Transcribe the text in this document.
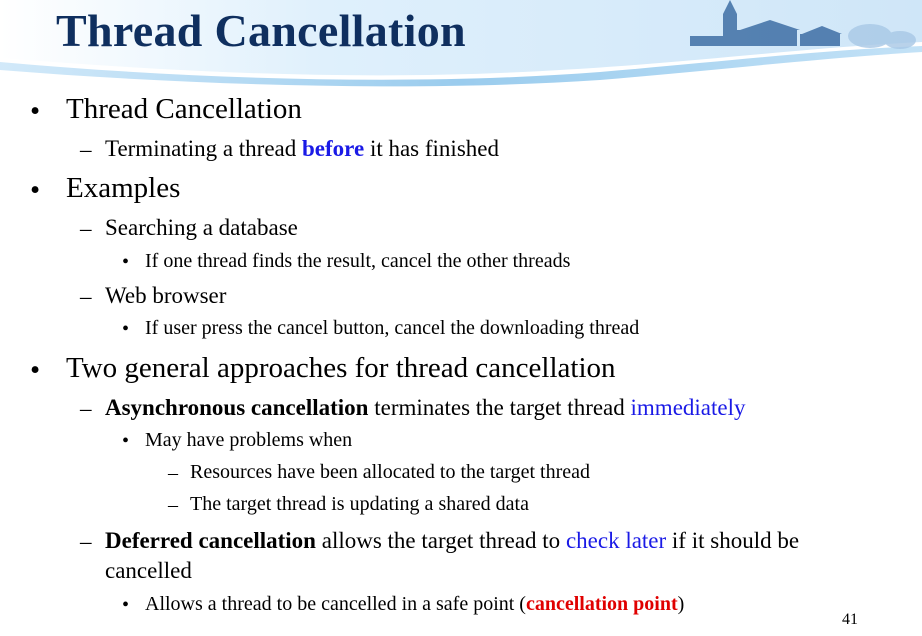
Thread Cancellation
• Thread Cancellation
– Terminating a thread before it has finished
• Examples
– Searching a database
• If one thread finds the result, cancel the other threads
– Web browser
• If user press the cancel button, cancel the downloading thread
• Two general approaches for thread cancellation
– Asynchronous cancellation terminates the target thread immediately
• May have problems when
– Resources have been allocated to the target thread
– The target thread is updating a shared data
– Deferred cancellation allows the target thread to check later if it should be
cancelled
• Allows a thread to be cancelled in a safe point (cancellation point)
41
